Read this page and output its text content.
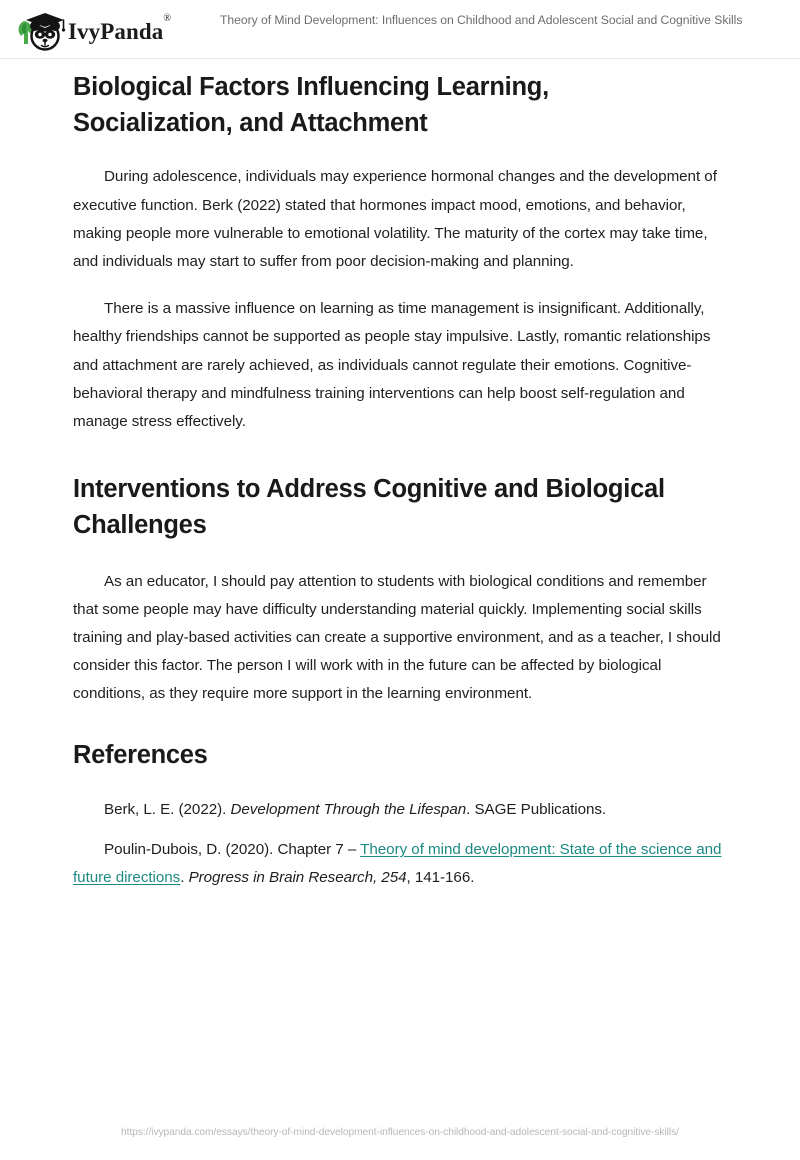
IvyPanda®	Theory of Mind Development: Influences on Childhood and Adolescent Social and Cognitive Skills
Biological Factors Influencing Learning, Socialization, and Attachment

During adolescence, individuals may experience hormonal changes and the development of executive function. Berk (2022) stated that hormones impact mood, emotions, and behavior, making people more vulnerable to emotional volatility. The maturity of the cortex may take time, and individuals may start to suffer from poor decision-making and planning.

There is a massive influence on learning as time management is insignificant. Additionally, healthy friendships cannot be supported as people stay impulsive. Lastly, romantic relationships and attachment are rarely achieved, as individuals cannot regulate their emotions. Cognitive-behavioral therapy and mindfulness training interventions can help boost self-regulation and manage stress effectively.

Interventions to Address Cognitive and Biological Challenges

As an educator, I should pay attention to students with biological conditions and remember that some people may have difficulty understanding material quickly. Implementing social skills training and play-based activities can create a supportive environment, and as a teacher, I should consider this factor. The person I will work with in the future can be affected by biological conditions, as they require more support in the learning environment.

References

Berk, L. E. (2022). Development Through the Lifespan. SAGE Publications.

Poulin-Dubois, D. (2020). Chapter 7 – Theory of mind development: State of the science and future directions. Progress in Brain Research, 254, 141-166.

https://ivypanda.com/essays/theory-of-mind-development-influences-on-childhood-and-adolescent-social-and-cognitive-skills/
